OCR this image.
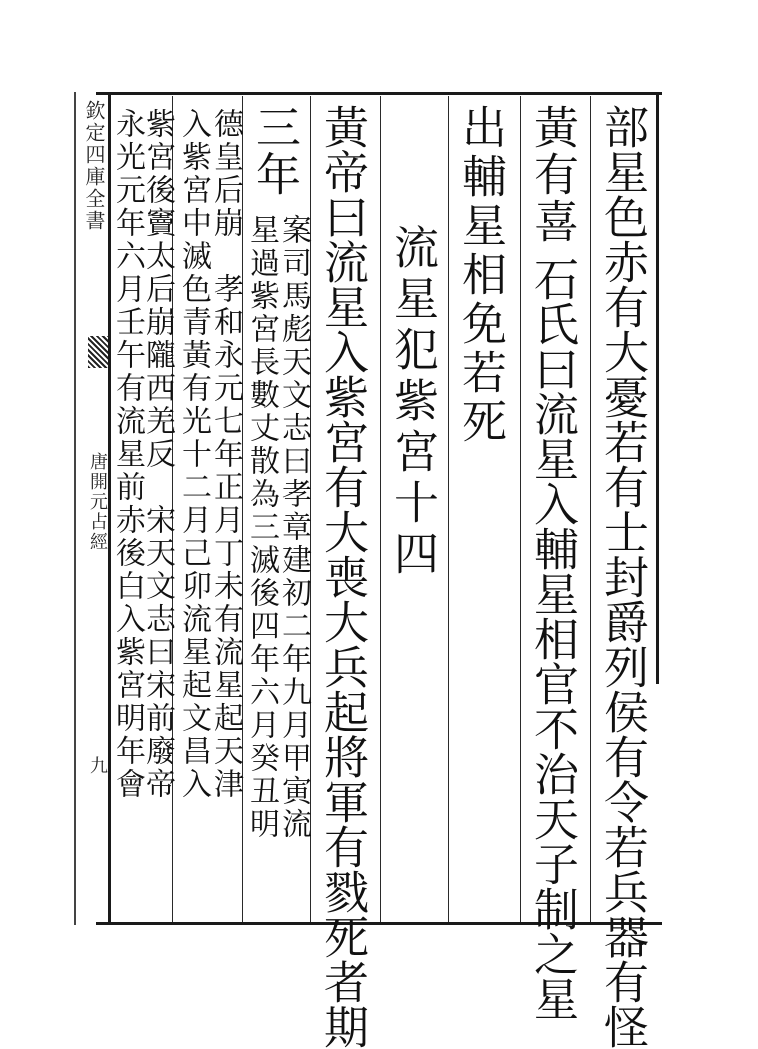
部星色赤有大憂若有士封爵列侯有令若兵器有怪
黃有喜
石氏曰流星入輔星相官不治天子制之星
出輔星相免若死
流星犯紫宮十四
黃帝曰流星入紫宮有大喪大兵起將軍有戮死者期
三年
案司馬彪天文志曰孝章建初二年九月甲寅流
星過紫宮長數丈散為三滅後四年六月癸丑明
德皇后崩　孝和永元七年正月丁未有流星起天津
入紫宮中滅色青黃有光十二月己卯流星起文昌入
紫宮後竇太后崩隴西羌反　宋天文志曰宋前廢帝
永光元年六月壬午有流星前赤後白入紫宮明年會
欽定四庫全書
唐開元占經
九
